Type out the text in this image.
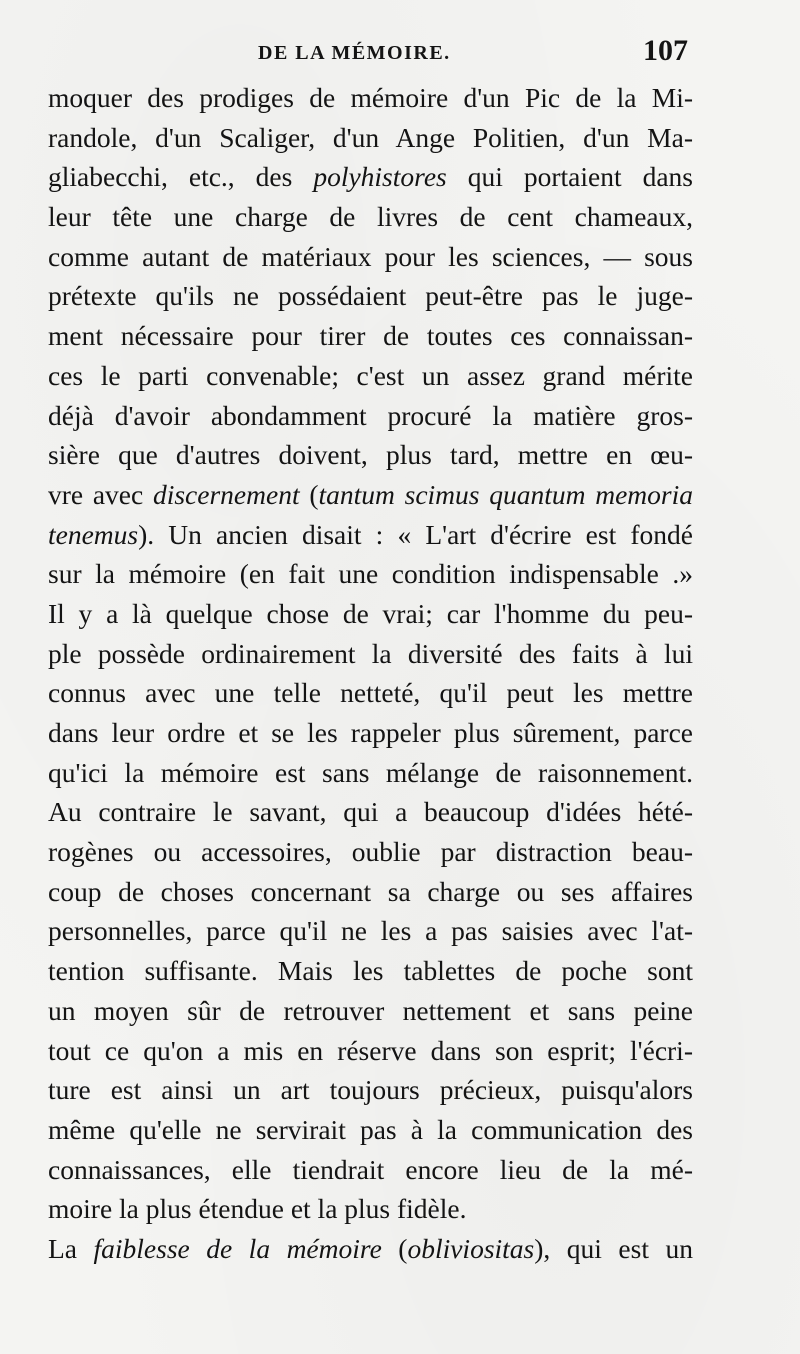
DE LA MÉMOIRE.	107
moquer des prodiges de mémoire d'un Pic de la Mi-
randole, d'un Scaliger, d'un Ange Politien, d'un Ma-
gliabecchi, etc., des polyhistores qui portaient dans
leur tête une charge de livres de cent chameaux,
comme autant de matériaux pour les sciences, — sous
prétexte qu'ils ne possédaient peut-être pas le juge-
ment nécessaire pour tirer de toutes ces connaissan-
ces le parti convenable; c'est un assez grand mérite
déjà d'avoir abondamment procuré la matière gros-
sière que d'autres doivent, plus tard, mettre en œu-
vre avec discernement (tantum scimus quantum memoria
tenemus). Un ancien disait : « L'art d'écrire est fondé
sur la mémoire (en fait une condition indispensable .»
Il y a là quelque chose de vrai; car l'homme du peu-
ple possède ordinairement la diversité des faits à lui
connus avec une telle netteté, qu'il peut les mettre
dans leur ordre et se les rappeler plus sûrement, parce
qu'ici la mémoire est sans mélange de raisonnement.
Au contraire le savant, qui a beaucoup d'idées hété-
rogènes ou accessoires, oublie par distraction beau-
coup de choses concernant sa charge ou ses affaires
personnelles, parce qu'il ne les a pas saisies avec l'at-
tention suffisante. Mais les tablettes de poche sont
un moyen sûr de retrouver nettement et sans peine
tout ce qu'on a mis en réserve dans son esprit; l'écri-
ture est ainsi un art toujours précieux, puisqu'alors
même qu'elle ne servirait pas à la communication des
connaissances, elle tiendrait encore lieu de la mé-
moire la plus étendue et la plus fidèle.
La faiblesse de la mémoire (obliviositas), qui est un
